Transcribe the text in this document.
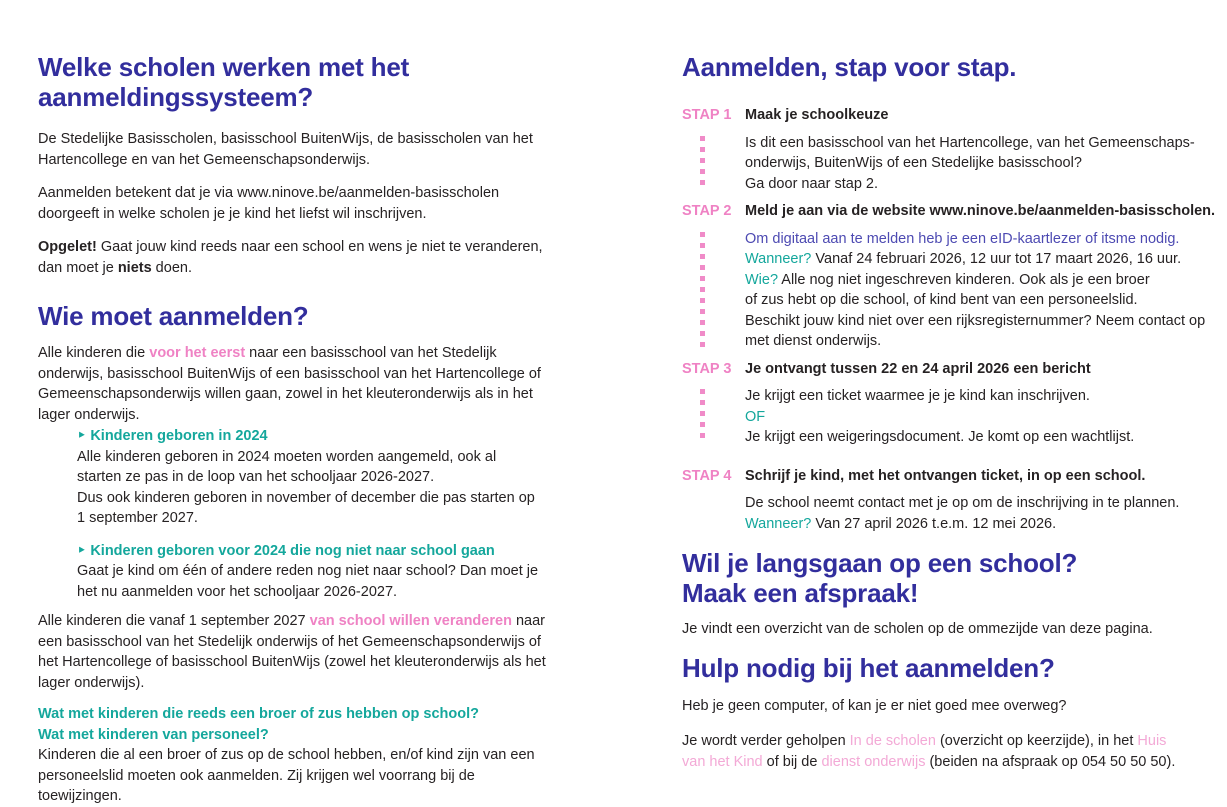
Welke scholen werken met het
aanmeldingssysteem?
De Stedelijke Basisscholen, basisschool BuitenWijs, de basisscholen van het
Hartencollege en van het Gemeenschapsonderwijs.
Aanmelden betekent dat je via www.ninove.be/aanmelden-basisscholen
doorgeeft in welke scholen je je kind het liefst wil inschrijven.
Opgelet! Gaat jouw kind reeds naar een school en wens je niet te veranderen,
dan moet je niets doen.
Wie moet aanmelden?
Alle kinderen die voor het eerst naar een basisschool van het Stedelijk
onderwijs, basisschool BuitenWijs of een basisschool van het Hartencollege of
Gemeenschapsonderwijs willen gaan, zowel in het kleuteronderwijs als in het
lager onderwijs.
‣ Kinderen geboren in 2024
Alle kinderen geboren in 2024 moeten worden aangemeld, ook al
starten ze pas in de loop van het schooljaar 2026-2027.
Dus ook kinderen geboren in november of december die pas starten op
1 september 2027.
‣ Kinderen geboren voor 2024 die nog niet naar school gaan
Gaat je kind om één of andere reden nog niet naar school? Dan moet je
het nu aanmelden voor het schooljaar 2026-2027.
Alle kinderen die vanaf 1 september 2027 van school willen veranderen naar
een basisschool van het Stedelijk onderwijs of het Gemeenschapsonderwijs of
het Hartencollege of basisschool BuitenWijs (zowel het kleuteronderwijs als het
lager onderwijs).
Wat met kinderen die reeds een broer of zus hebben op school?
Wat met kinderen van personeel?
Kinderen die al een broer of zus op de school hebben, en/of kind zijn van een
personeelslid moeten ook aanmelden. Zij krijgen wel voorrang bij de
toewijzingen.
Aanmelden, stap voor stap.
STAP 1 Maak je schoolkeuze
Is dit een basisschool van het Hartencollege, van het Gemeenschaps-
onderwijs, BuitenWijs of een Stedelijke basisschool?
Ga door naar stap 2.
STAP 2 Meld je aan via de website www.ninove.be/aanmelden-basisscholen.
Om digitaal aan te melden heb je een eID-kaartlezer of itsme nodig.
Wanneer? Vanaf 24 februari 2026, 12 uur tot 17 maart 2026, 16 uur.
Wie? Alle nog niet ingeschreven kinderen. Ook als je een broer
of zus hebt op die school, of kind bent van een personeelslid.
Beschikt jouw kind niet over een rijksregisternummer? Neem contact op
met dienst onderwijs.
STAP 3 Je ontvangt tussen 22 en 24 april 2026 een bericht
Je krijgt een ticket waarmee je je kind kan inschrijven.
OF
Je krijgt een weigeringsdocument. Je komt op een wachtlijst.
STAP 4 Schrijf je kind, met het ontvangen ticket, in op een school.
De school neemt contact met je op om de inschrijving in te plannen.
Wanneer? Van 27 april 2026 t.e.m. 12 mei 2026.
Wil je langsgaan op een school?
Maak een afspraak!
Je vindt een overzicht van de scholen op de ommezijde van deze pagina.
Hulp nodig bij het aanmelden?
Heb je geen computer, of kan je er niet goed mee overweg?
Je wordt verder geholpen In de scholen (overzicht op keerzijde), in het Huis
van het Kind of bij de dienst onderwijs (beiden na afspraak op 054 50 50 50).
